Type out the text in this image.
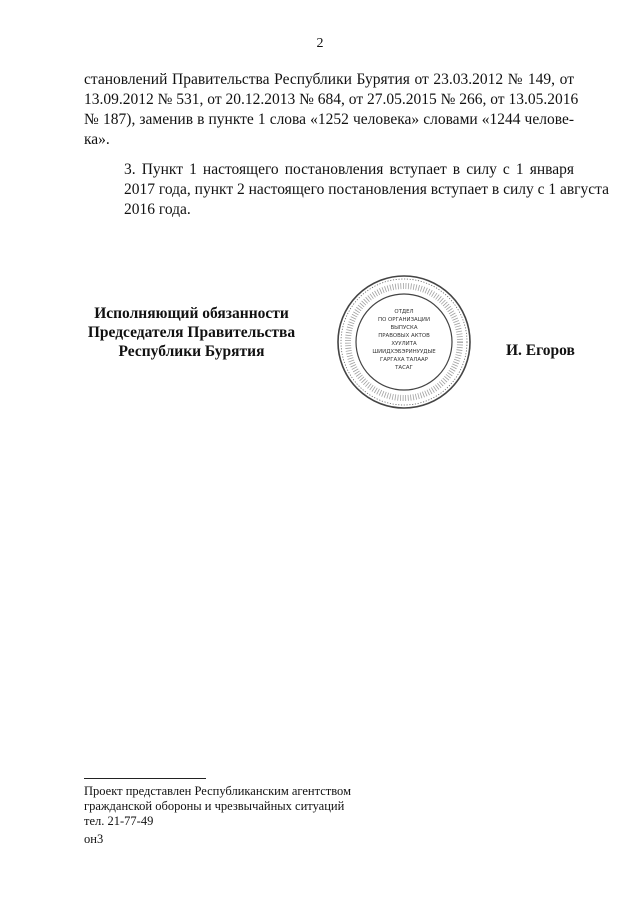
2
становлений Правительства Республики Бурятия от 23.03.2012 № 149, от
13.09.2012 № 531, от 20.12.2013 № 684, от 27.05.2015 № 266, от 13.05.2016
№ 187), заменив в пункте 1 слова «1252 человека» словами «1244 челове-
ка».
3. Пункт 1 настоящего постановления вступает в силу с 1 января
2017 года, пункт 2 настоящего постановления вступает в силу с 1 августа
2016 года.
Исполняющий обязанности
Председателя Правительства
Республики Бурятия
ОТДЕЛ
ПО ОРГАНИЗАЦИИ
ВЫПУСКА
ПРАВОВЫХ АКТОВ
ХУУЛИТА
ШИИДХЭБЭРИНУУДЫЕ
ГАРГАХА ТАЛААР
ТАСАГ
И. Егоров
Проект представлен Республиканским агентством
гражданской обороны и чрезвычайных ситуаций
тел. 21-77-49
он3
